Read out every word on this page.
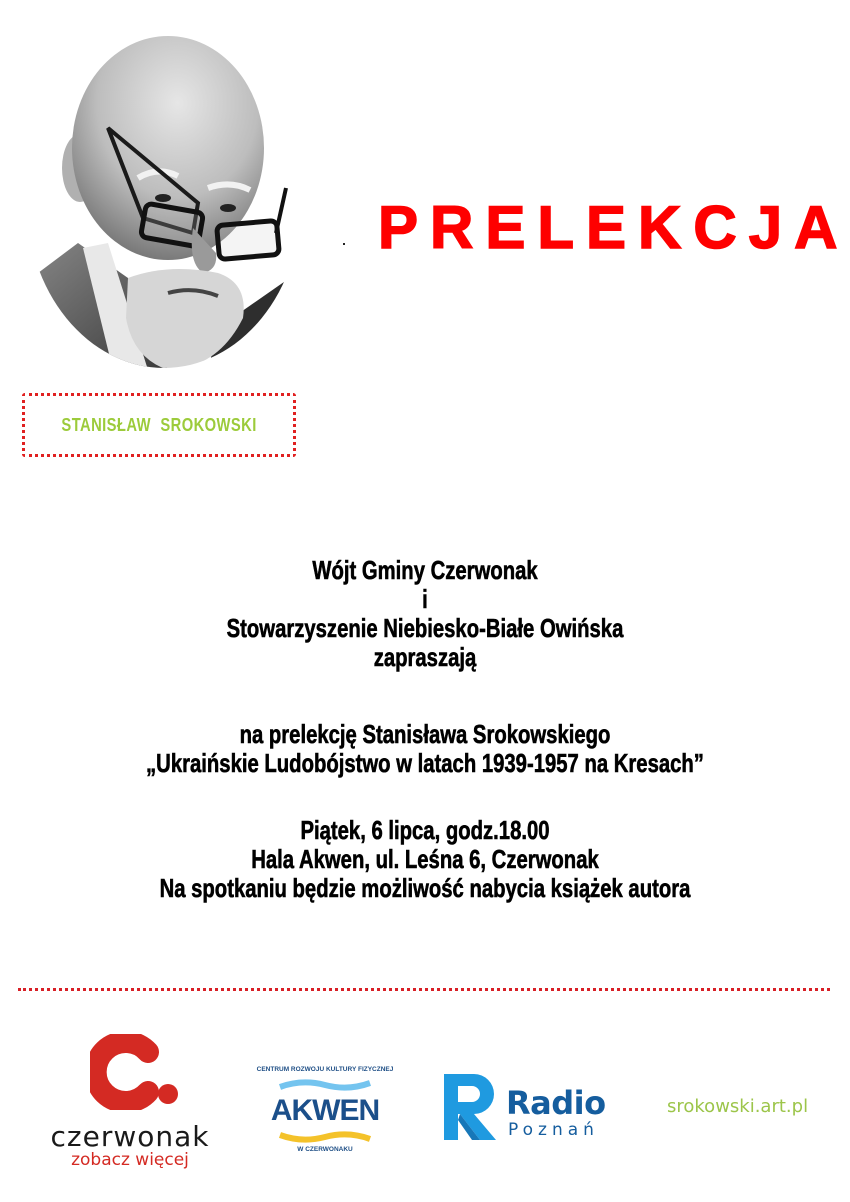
PRELEKCJA
STANISŁAW SROKOWSKI
Wójt Gminy Czerwonak
i
Stowarzyszenie Niebiesko-Białe Owińska
zapraszają
na prelekcję Stanisława Srokowskiego
„Ukraińskie Ludobójstwo w latach 1939-1957 na Kresach”
Piątek, 6 lipca, godz.18.00
Hala Akwen, ul. Leśna 6, Czerwonak
Na spotkaniu będzie możliwość nabycia książek autora
czerwonak
zobacz więcej
CENTRUM ROZWOJU KULTURY FIZYCZNEJ
AKWEN
W CZERWONAKU
Radio
Poznań
srokowski.art.pl
